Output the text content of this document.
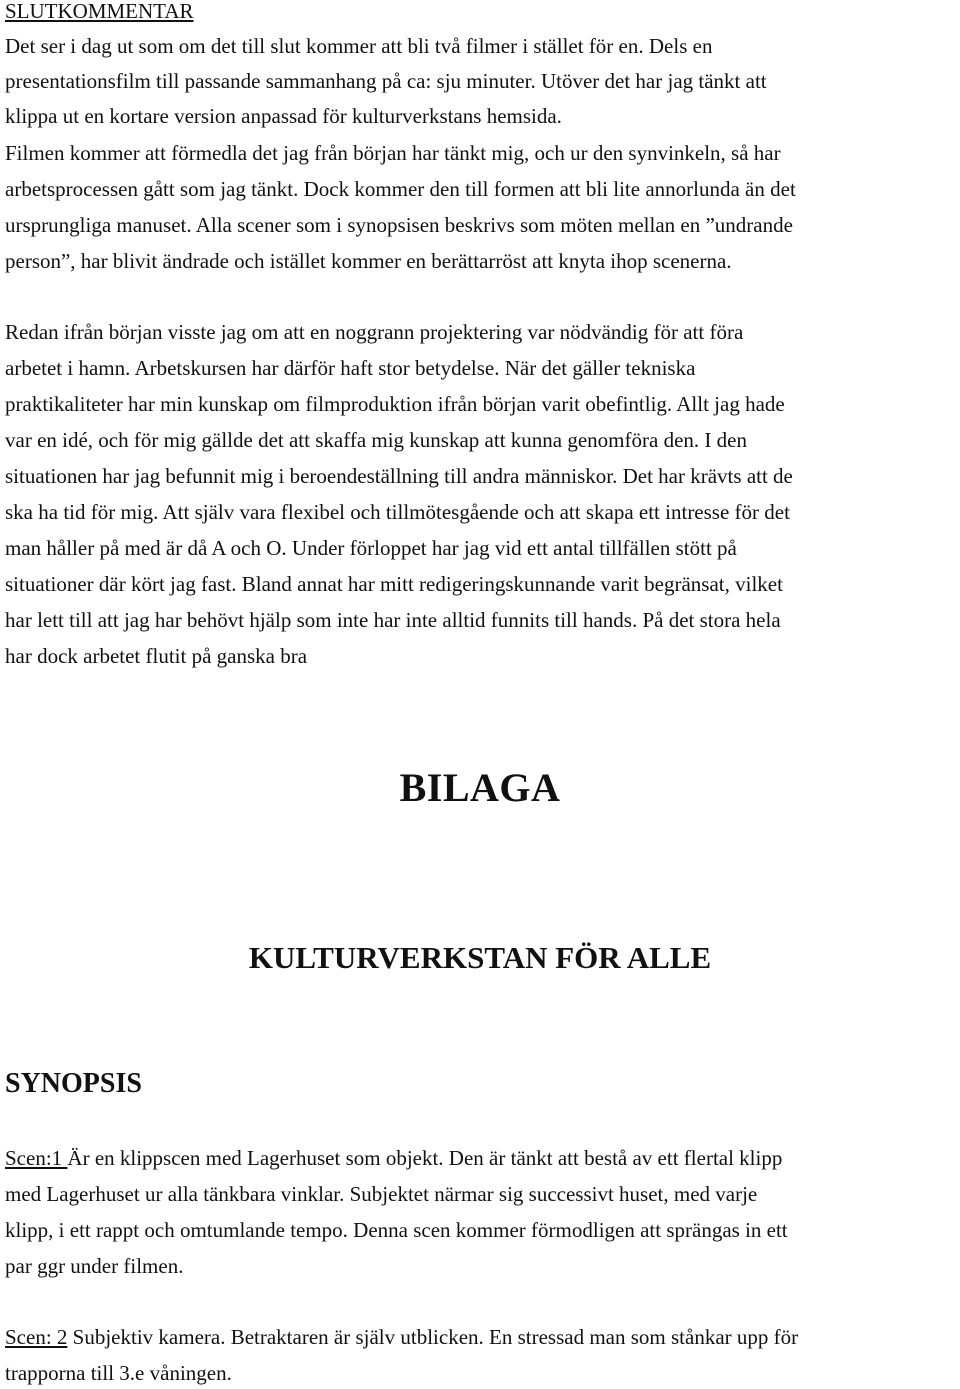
SLUTKOMMENTAR
Det ser i dag ut som om det till slut kommer att bli två filmer i stället för en. Dels en
presentationsfilm till passande sammanhang på ca: sju minuter. Utöver det har jag tänkt att
klippa ut en kortare version anpassad för kulturverkstans hemsida.
Filmen kommer att förmedla det jag från början har tänkt mig, och ur den synvinkeln, så har
arbetsprocessen gått som jag tänkt. Dock kommer den till formen att bli lite annorlunda än det
ursprungliga manuset. Alla scener som i synopsisen beskrivs som möten mellan en ”undrande
person”, har blivit ändrade och istället kommer en berättarröst att knyta ihop scenerna.
Redan ifrån början visste jag om att en noggrann projektering var nödvändig för att föra
arbetet i hamn. Arbetskursen har därför haft stor betydelse. När det gäller tekniska
praktikaliteter har min kunskap om filmproduktion ifrån början varit obefintlig. Allt jag hade
var en idé, och för mig gällde det att skaffa mig kunskap att kunna genomföra den. I den
situationen har jag befunnit mig i beroendeställning till andra människor. Det har krävts att de
ska ha tid för mig. Att själv vara flexibel och tillmötesgående och att skapa ett intresse för det
man håller på med är då A och O. Under förloppet har jag vid ett antal tillfällen stött på
situationer där kört jag fast. Bland annat har mitt redigeringskunnande varit begränsat, vilket
har lett till att jag har behövt hjälp som inte har inte alltid funnits till hands. På det stora hela
har dock arbetet flutit på ganska bra
BILAGA
KULTURVERKSTAN FÖR ALLE
SYNOPSIS
Scen:1 Är en klippscen med Lagerhuset som objekt. Den är tänkt att bestå av ett flertal klipp
med Lagerhuset ur alla tänkbara vinklar. Subjektet närmar sig successivt huset, med varje
klipp, i ett rappt och omtumlande tempo. Denna scen kommer förmodligen att sprängas in ett
par ggr under filmen.
Scen: 2 Subjektiv kamera. Betraktaren är själv utblicken. En stressad man som stånkar upp för
trapporna till 3.e våningen.
